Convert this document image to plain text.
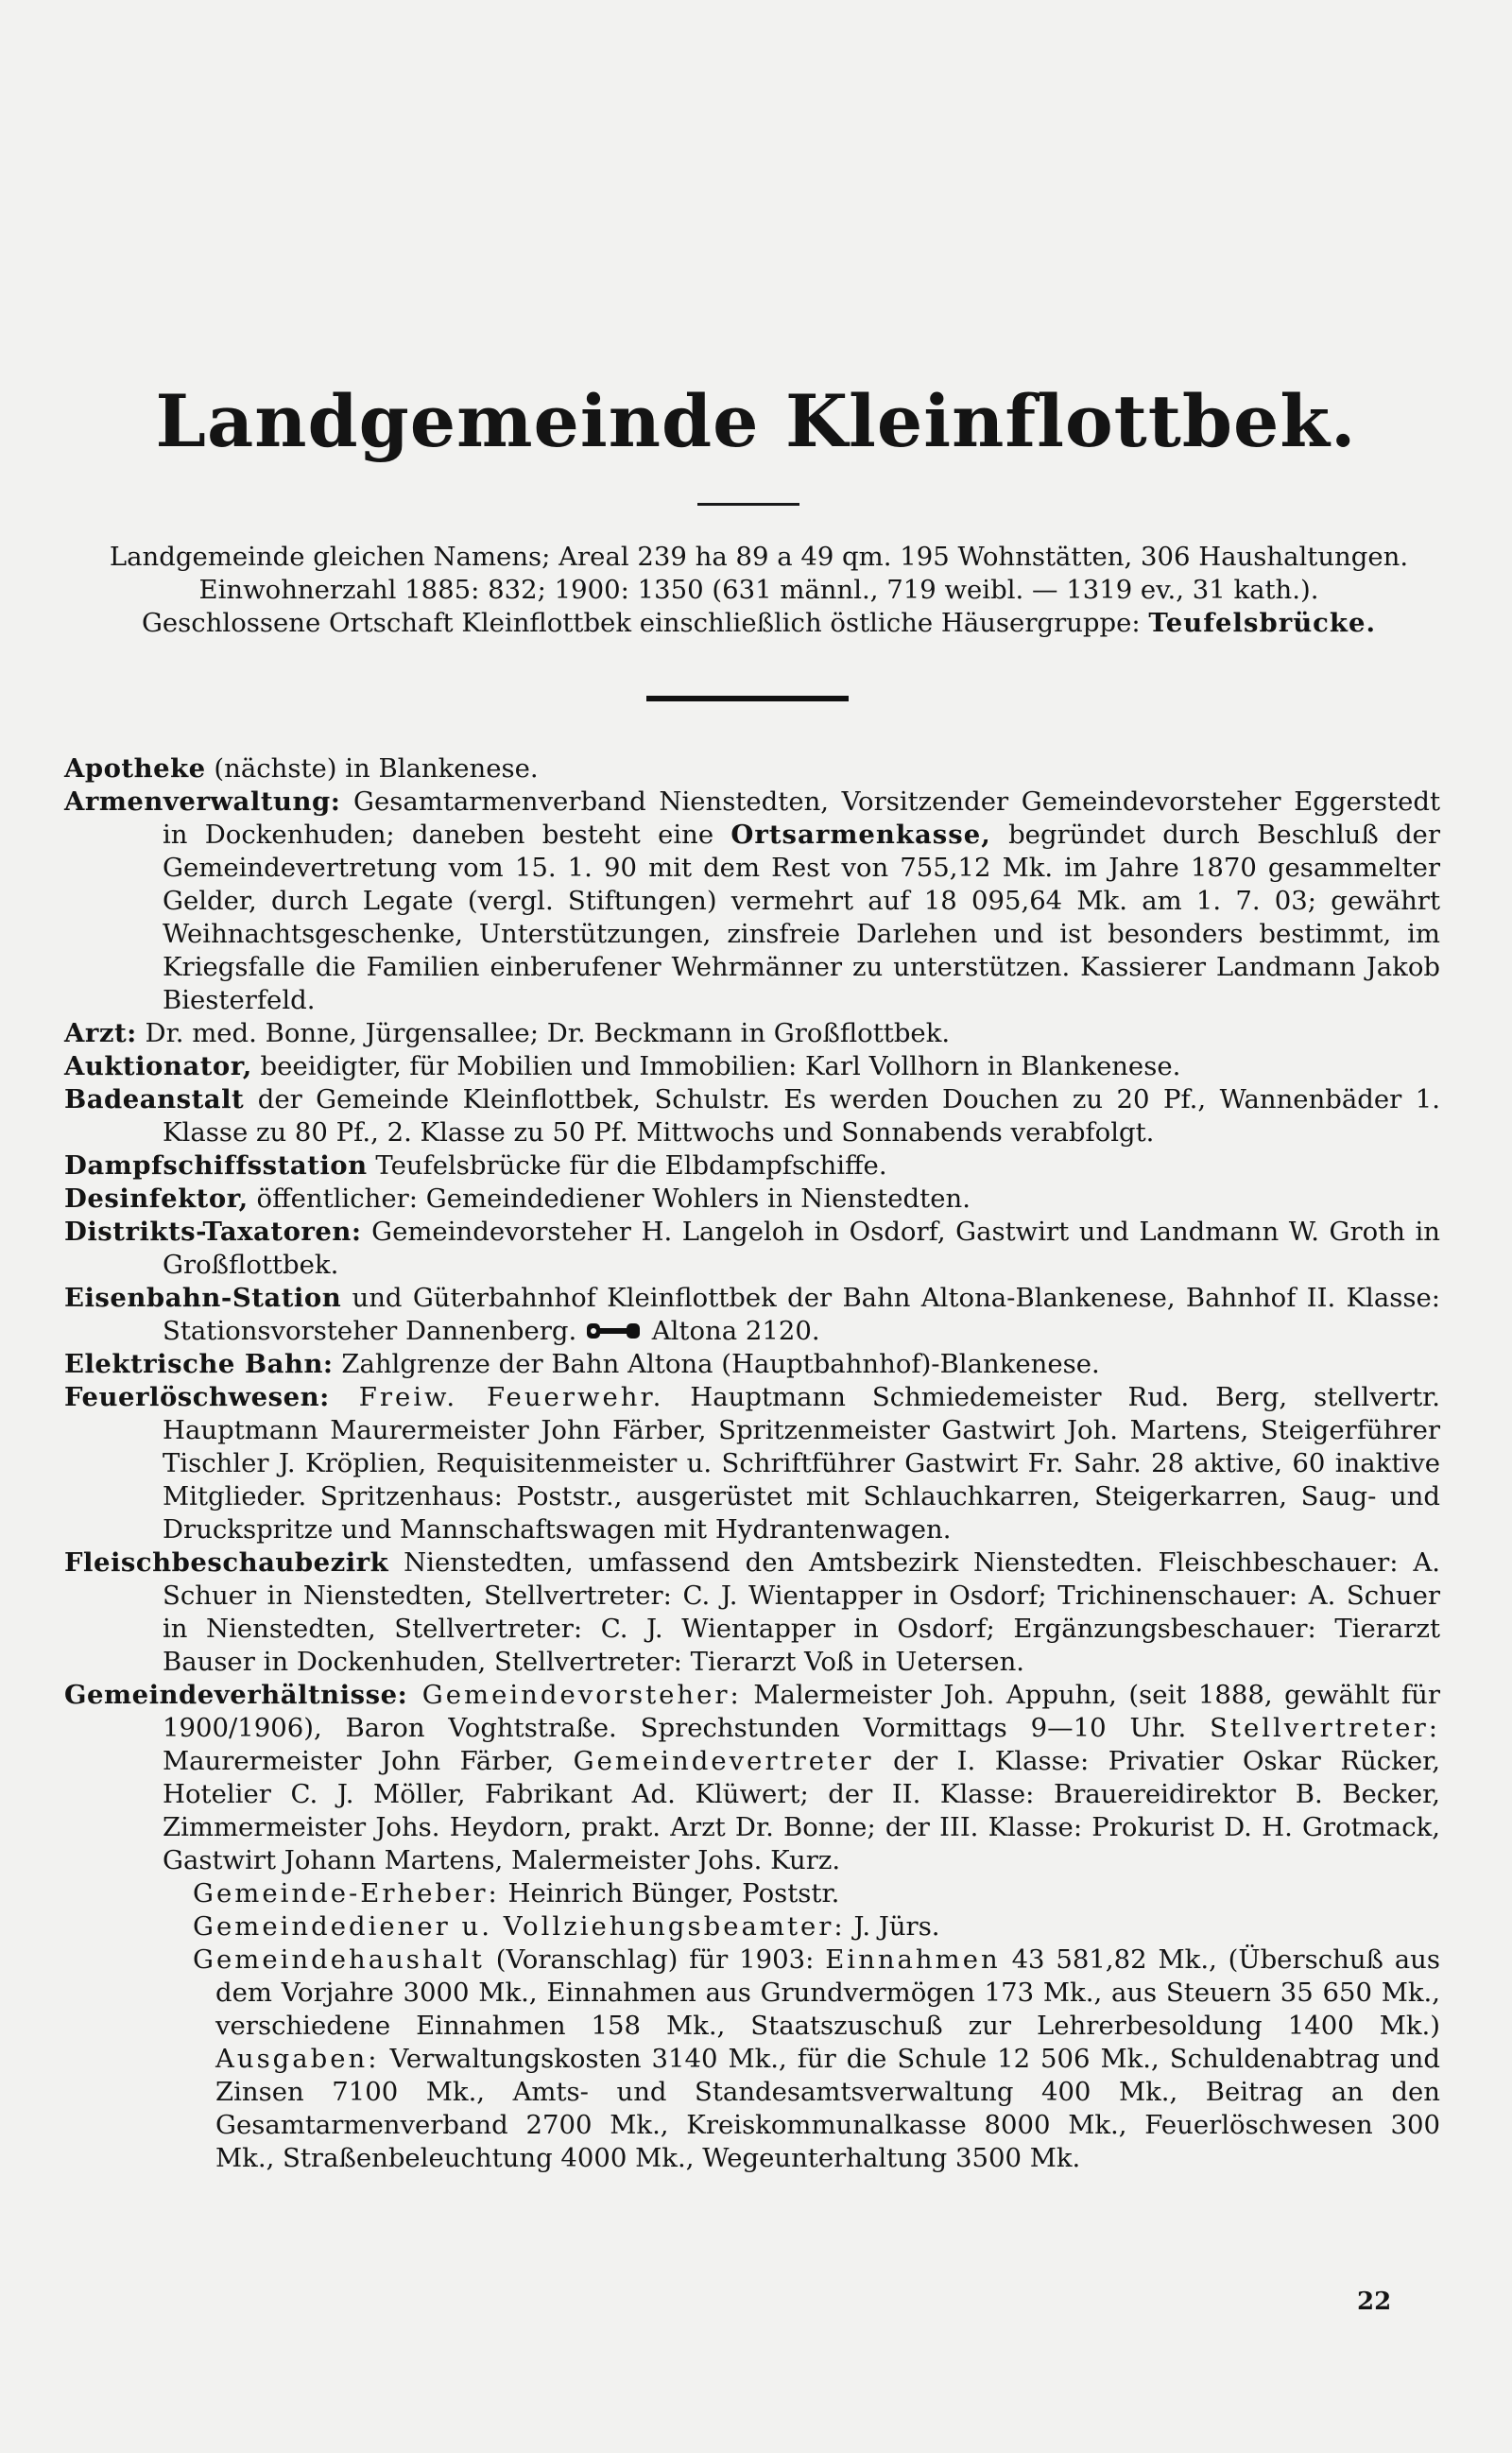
Landgemeinde Kleinflottbek.
Landgemeinde gleichen Namens; Areal 239 ha 89 a 49 qm. 195 Wohnstätten, 306 Haushaltungen.
Einwohnerzahl 1885: 832; 1900: 1350 (631 männl., 719 weibl. — 1319 ev., 31 kath.).
Geschlossene Ortschaft Kleinflottbek einschließlich östliche Häusergruppe: Teufelsbrücke.
Apotheke (nächste) in Blankenese.
Armenverwaltung: Gesamtarmenverband Nienstedten, Vorsitzender Gemeindevorsteher Eggerstedt in Dockenhuden; daneben besteht eine Ortsarmenkasse, begründet durch Beschluß der Gemeindevertretung vom 15. 1. 90 mit dem Rest von 755,12 Mk. im Jahre 1870 gesammelter Gelder, durch Legate (vergl. Stiftungen) vermehrt auf 18 095,64 Mk. am 1. 7. 03; gewährt Weihnachtsgeschenke, Unterstützungen, zinsfreie Darlehen und ist besonders bestimmt, im Kriegsfalle die Familien einberufener Wehrmänner zu unterstützen. Kassierer Landmann Jakob Biesterfeld.
Arzt: Dr. med. Bonne, Jürgensallee; Dr. Beckmann in Großflottbek.
Auktionator, beeidigter, für Mobilien und Immobilien: Karl Vollhorn in Blankenese.
Badeanstalt der Gemeinde Kleinflottbek, Schulstr. Es werden Douchen zu 20 Pf., Wannenbäder 1. Klasse zu 80 Pf., 2. Klasse zu 50 Pf. Mittwochs und Sonnabends verabfolgt.
Dampfschiffsstation Teufelsbrücke für die Elbdampfschiffe.
Desinfektor, öffentlicher: Gemeindediener Wohlers in Nienstedten.
Distrikts-Taxatoren: Gemeindevorsteher H. Langeloh in Osdorf, Gastwirt und Landmann W. Groth in Großflottbek.
Eisenbahn-Station und Güterbahnhof Kleinflottbek der Bahn Altona-Blankenese, Bahnhof II. Klasse: Stationsvorsteher Dannenberg.	Altona 2120.
Elektrische Bahn: Zahlgrenze der Bahn Altona (Hauptbahnhof)-Blankenese.
Feuerlöschwesen: Freiw. Feuerwehr. Hauptmann Schmiedemeister Rud. Berg, stellvertr. Hauptmann Maurermeister John Färber, Spritzenmeister Gastwirt Joh. Martens, Steigerführer Tischler J. Kröplien, Requisitenmeister u. Schriftführer Gastwirt Fr. Sahr. 28 aktive, 60 inaktive Mitglieder. Spritzenhaus: Poststr., ausgerüstet mit Schlauchkarren, Steigerkarren, Saug- und Druckspritze und Mannschaftswagen mit Hydrantenwagen.
Fleischbeschaubezirk Nienstedten, umfassend den Amtsbezirk Nienstedten. Fleischbeschauer: A. Schuer in Nienstedten, Stellvertreter: C. J. Wientapper in Osdorf; Trichinenschauer: A. Schuer in Nienstedten, Stellvertreter: C. J. Wientapper in Osdorf; Ergänzungsbeschauer: Tierarzt Bauser in Dockenhuden, Stellvertreter: Tierarzt Voß in Uetersen.
Gemeindeverhältnisse: Gemeindevorsteher: Malermeister Joh. Appuhn, (seit 1888, gewählt für 1900/1906), Baron Voghtstraße. Sprechstunden Vormittags 9—10 Uhr. Stellvertreter: Maurermeister John Färber, Gemeindevertreter der I. Klasse: Privatier Oskar Rücker, Hotelier C. J. Möller, Fabrikant Ad. Klüwert; der II. Klasse: Brauereidirektor B. Becker, Zimmermeister Johs. Heydorn, prakt. Arzt Dr. Bonne; der III. Klasse: Prokurist D. H. Grotmack, Gastwirt Johann Martens, Malermeister Johs. Kurz.
Gemeinde-Erheber: Heinrich Bünger, Poststr.
Gemeindediener u. Vollziehungsbeamter: J. Jürs.
Gemeindehaushalt (Voranschlag) für 1903: Einnahmen 43 581,82 Mk., (Überschuß aus dem Vorjahre 3000 Mk., Einnahmen aus Grundvermögen 173 Mk., aus Steuern 35 650 Mk., verschiedene Einnahmen 158 Mk., Staatszuschuß zur Lehrerbesoldung 1400 Mk.) Ausgaben: Verwaltungskosten 3140 Mk., für die Schule 12 506 Mk., Schuldenabtrag und Zinsen 7100 Mk., Amts- und Standesamtsverwaltung 400 Mk., Beitrag an den Gesamtarmenverband 2700 Mk., Kreiskommunalkasse 8000 Mk., Feuerlöschwesen 300 Mk., Straßenbeleuchtung 4000 Mk., Wegeunterhaltung 3500 Mk.
22
